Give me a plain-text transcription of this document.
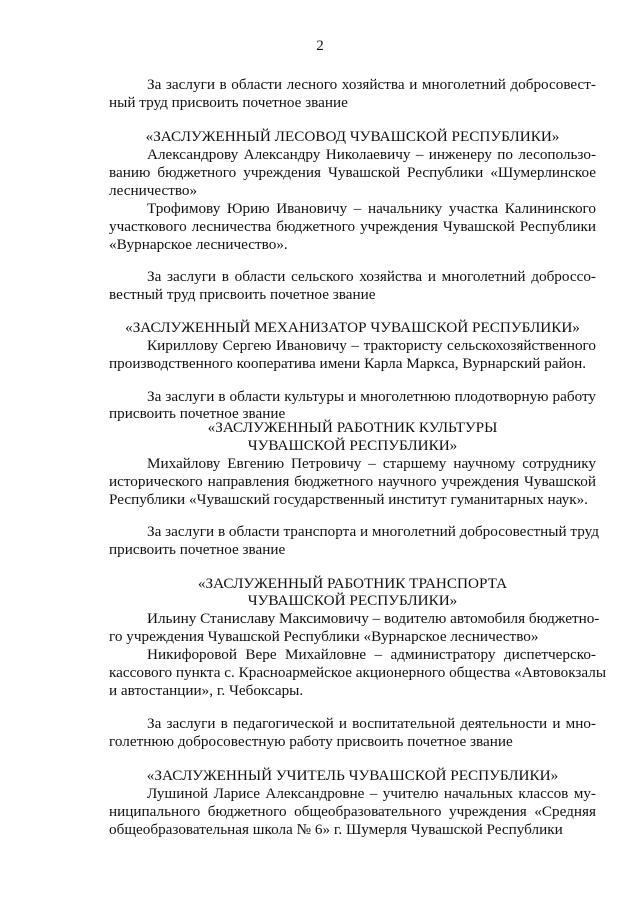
2
За заслуги в области лесного хозяйства и многолетний добросовест-
ный труд присвоить почетное звание
«ЗАСЛУЖЕННЫЙ ЛЕСОВОД ЧУВАШСКОЙ РЕСПУБЛИКИ»
Александрову Александру Николаевичу – инженеру по лесопользо-
ванию бюджетного учреждения Чувашской Республики «Шумерлинское
лесничество»
Трофимову Юрию Ивановичу – начальнику участка Калининского
участкового лесничества бюджетного учреждения Чувашской Республики
«Вурнарское лесничество».
За заслуги в области сельского хозяйства и многолетний доброссо-
вестный труд присвоить почетное звание
«ЗАСЛУЖЕННЫЙ МЕХАНИЗАТОР ЧУВАШСКОЙ РЕСПУБЛИКИ»
Кириллову Сергею Ивановичу – трактористу сельскохозяйственного
производственного кооператива имени Карла Маркса, Вурнарский район.
За заслуги в области культуры и многолетнюю плодотворную работу
присвоить почетное звание
«ЗАСЛУЖЕННЫЙ РАБОТНИК КУЛЬТУРЫ
ЧУВАШСКОЙ РЕСПУБЛИКИ»
Михайлову Евгению Петровичу – старшему научному сотруднику
исторического направления бюджетного научного учреждения Чувашской
Республики «Чувашский государственный институт гуманитарных наук».
За заслуги в области транспорта и многолетний добросовестный труд
присвоить почетное звание
«ЗАСЛУЖЕННЫЙ РАБОТНИК ТРАНСПОРТА
ЧУВАШСКОЙ РЕСПУБЛИКИ»
Ильину Станиславу Максимовичу – водителю автомобиля бюджетно-
го учреждения Чувашской Республики «Вурнарское лесничество»
Никифоровой Вере Михайловне – администратору диспетчерско-
кассового пункта с. Красноармейское акционерного общества «Автовокзалы
и автостанции», г. Чебоксары.
За заслуги в педагогической и воспитательной деятельности и мно-
голетнюю добросовестную работу присвоить почетное звание
«ЗАСЛУЖЕННЫЙ УЧИТЕЛЬ ЧУВАШСКОЙ РЕСПУБЛИКИ»
Лушиной Ларисе Александровне – учителю начальных классов му-
ниципального бюджетного общеобразовательного учреждения «Средняя
общеобразовательная школа № 6» г. Шумерля Чувашской Республики
